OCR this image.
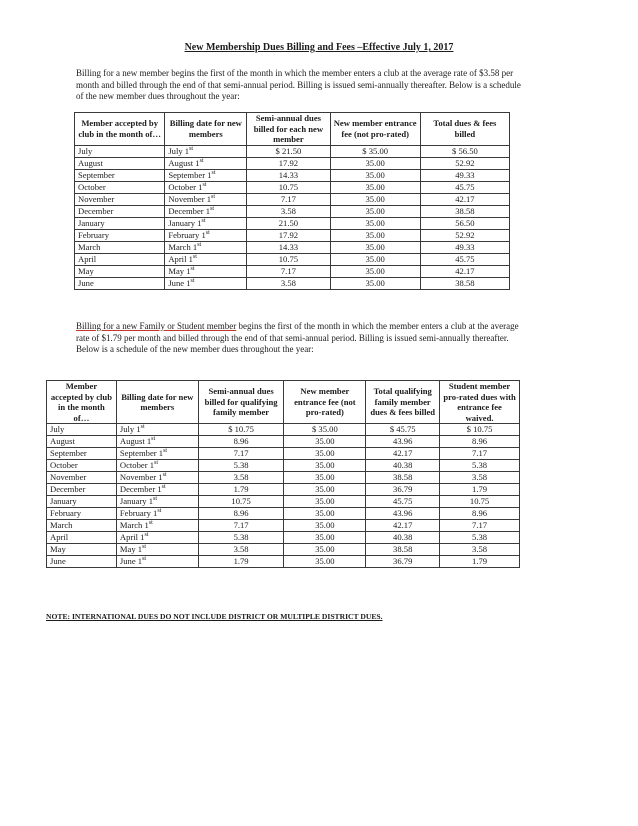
New Membership Dues Billing and Fees –Effective July 1, 2017
Billing for a new member begins the first of the month in which the member enters a club at the average rate of $3.58 per month and billed through the end of that semi-annual period. Billing is issued semi-annually thereafter. Below is a schedule of the new member dues throughout the year:
Member accepted by club in the month of…	Billing date for new members	Semi-annual dues billed for each new member	New member entrance fee (not pro-rated)	Total dues & fees billed
July	July 1st	$ 21.50	$ 35.00	$ 56.50
August	August 1st	17.92	35.00	52.92
September	September 1st	14.33	35.00	49.33
October	October 1st	10.75	35.00	45.75
November	November 1st	7.17	35.00	42.17
December	December 1st	3.58	35.00	38.58
January	January 1st	21.50	35.00	56.50
February	February 1st	17.92	35.00	52.92
March	March 1st	14.33	35.00	49.33
April	April 1st	10.75	35.00	45.75
May	May 1st	7.17	35.00	42.17
June	June 1st	3.58	35.00	38.58
Billing for a new Family or Student member begins the first of the month in which the member enters a club at the average rate of $1.79 per month and billed through the end of that semi-annual period. Billing is issued semi-annually thereafter. Below is a schedule of the new member dues throughout the year:
Member accepted by club in the month of…	Billing date for new members	Semi-annual dues billed for qualifying family member	New member entrance fee (not pro-rated)	Total qualifying family member dues & fees billed	Student member pro-rated dues with entrance fee waived.
July	July 1st	$ 10.75	$ 35.00	$ 45.75	$ 10.75
August	August 1st	8.96	35.00	43.96	8.96
September	September 1st	7.17	35.00	42.17	7.17
October	October 1st	5.38	35.00	40.38	5.38
November	November 1st	3.58	35.00	38.58	3.58
December	December 1st	1.79	35.00	36.79	1.79
January	January 1st	10.75	35.00	45.75	10.75
February	February 1st	8.96	35.00	43.96	8.96
March	March 1st	7.17	35.00	42.17	7.17
April	April 1st	5.38	35.00	40.38	5.38
May	May 1st	3.58	35.00	38.58	3.58
June	June 1st	1.79	35.00	36.79	1.79
NOTE: INTERNATIONAL DUES DO NOT INCLUDE DISTRICT OR MULTIPLE DISTRICT DUES.
